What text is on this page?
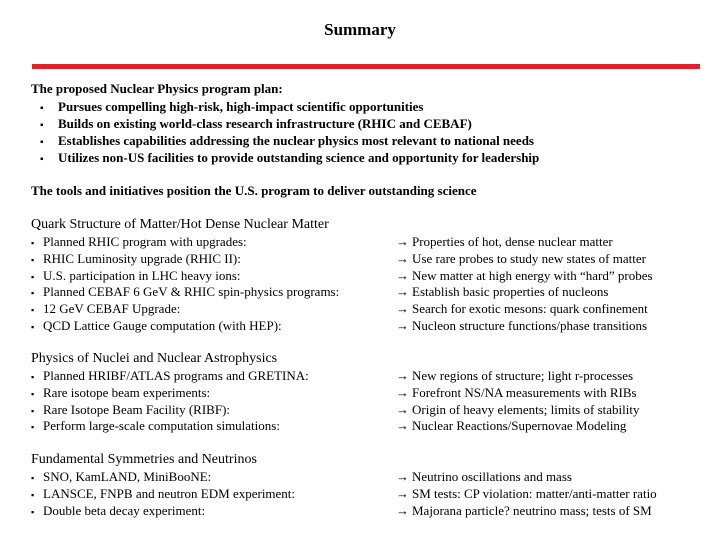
Summary
The proposed Nuclear Physics program plan:
▪ Pursues compelling high-risk, high-impact scientific opportunities
▪ Builds on existing world-class research infrastructure (RHIC and CEBAF)
▪ Establishes capabilities addressing the nuclear physics most relevant to national needs
▪ Utilizes non-US facilities to provide outstanding science and opportunity for leadership
The tools and initiatives position the U.S. program to deliver outstanding science
Quark Structure of Matter/Hot Dense Nuclear Matter
▪ Planned RHIC program with upgrades:	→ Properties of hot, dense nuclear matter
▪ RHIC Luminosity upgrade (RHIC II):	→ Use rare probes to study new states of matter
▪ U.S. participation in LHC heavy ions:	→ New matter at high energy with “hard” probes
▪ Planned CEBAF 6 GeV & RHIC spin-physics programs:	→ Establish basic properties of nucleons
▪ 12 GeV CEBAF Upgrade:	→ Search for exotic mesons: quark confinement
▪ QCD Lattice Gauge computation (with HEP):	→ Nucleon structure functions/phase transitions
Physics of Nuclei and Nuclear Astrophysics
▪ Planned HRIBF/ATLAS programs and GRETINA:	→ New regions of structure; light r-processes
▪ Rare isotope beam experiments:	→ Forefront NS/NA measurements with RIBs
▪ Rare Isotope Beam Facility (RIBF):	→ Origin of heavy elements; limits of stability
▪ Perform large-scale computation simulations:	→ Nuclear Reactions/Supernovae Modeling
Fundamental Symmetries and Neutrinos
▪ SNO, KamLAND, MiniBooNE:	→ Neutrino oscillations and mass
▪ LANSCE, FNPB and neutron EDM experiment:	→ SM tests: CP violation: matter/anti-matter ratio
▪ Double beta decay experiment:	→ Majorana particle? neutrino mass; tests of SM
